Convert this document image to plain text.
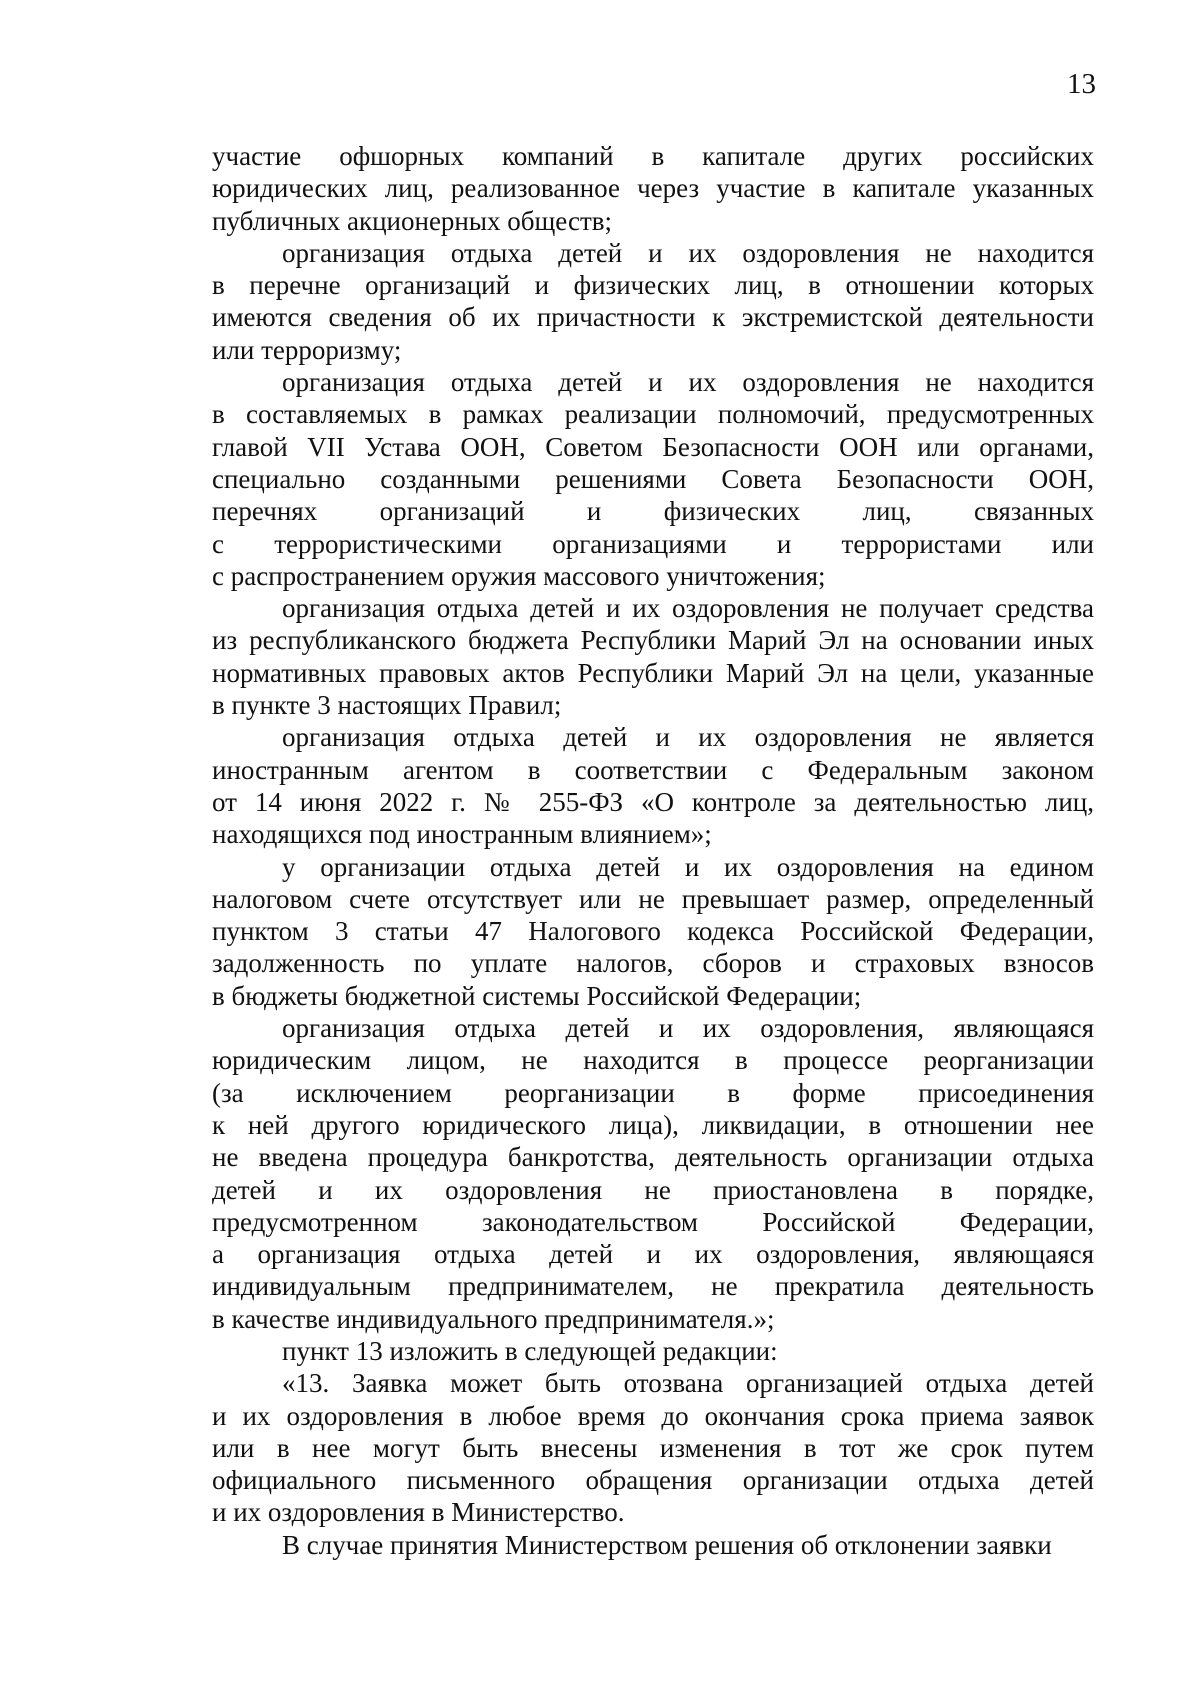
13

участие офшорных компаний в капитале других российских
юридических лиц, реализованное через участие в капитале указанных
публичных акционерных обществ;

организация отдыха детей и их оздоровления не находится
в перечне организаций и физических лиц, в отношении которых
имеются сведения об их причастности к экстремистской деятельности
или терроризму;

организация отдыха детей и их оздоровления не находится
в составляемых в рамках реализации полномочий, предусмотренных
главой VII Устава ООН, Советом Безопасности ООН или органами,
специально созданными решениями Совета Безопасности ООН,
перечнях организаций и физических лиц, связанных
с террористическими организациями и террористами или
с распространением оружия массового уничтожения;

организация отдыха детей и их оздоровления не получает средства
из республиканского бюджета Республики Марий Эл на основании иных
нормативных правовых актов Республики Марий Эл на цели, указанные
в пункте 3 настоящих Правил;

организация отдыха детей и их оздоровления не является
иностранным агентом в соответствии с Федеральным законом
от 14 июня 2022 г. № 255-ФЗ «О контроле за деятельностью лиц,
находящихся под иностранным влиянием»;

у организации отдыха детей и их оздоровления на едином
налоговом счете отсутствует или не превышает размер, определенный
пунктом 3 статьи 47 Налогового кодекса Российской Федерации,
задолженность по уплате налогов, сборов и страховых взносов
в бюджеты бюджетной системы Российской Федерации;

организация отдыха детей и их оздоровления, являющаяся
юридическим лицом, не находится в процессе реорганизации
(за исключением реорганизации в форме присоединения
к ней другого юридического лица), ликвидации, в отношении нее
не введена процедура банкротства, деятельность организации отдыха
детей и их оздоровления не приостановлена в порядке,
предусмотренном законодательством Российской Федерации,
а организация отдыха детей и их оздоровления, являющаяся
индивидуальным предпринимателем, не прекратила деятельность
в качестве индивидуального предпринимателя.»;

пункт 13 изложить в следующей редакции:

«13. Заявка может быть отозвана организацией отдыха детей
и их оздоровления в любое время до окончания срока приема заявок
или в нее могут быть внесены изменения в тот же срок путем
официального письменного обращения организации отдыха детей
и их оздоровления в Министерство.

В случае принятия Министерством решения об отклонении заявки
